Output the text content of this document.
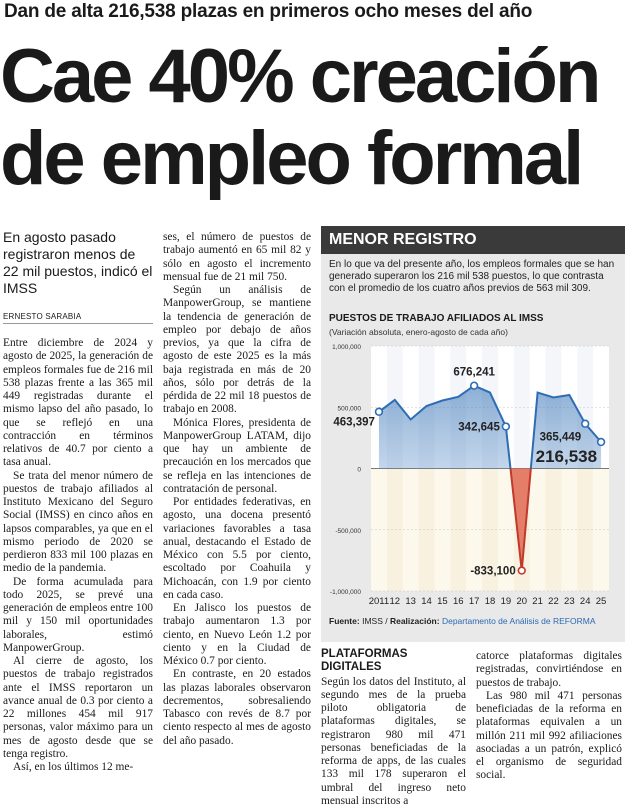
Dan de alta 216,538 plazas en primeros ocho meses del año
Cae 40% creación
de empleo formal
En agosto pasado registraron menos de 22 mil puestos, indicó el IMSS
ERNESTO SARABIA

Entre diciembre de 2024 y agosto de 2025, la generación de empleos formales fue de 216 mil 538 plazas frente a las 365 mil 449 registradas durante el mismo lapso del año pasado, lo que se reflejó en una contracción en términos relativos de 40.7 por ciento a tasa anual.

Se trata del menor número de puestos de trabajo afiliados al Instituto Mexicano del Seguro Social (IMSS) en cinco años en lapsos comparables, ya que en el mismo periodo de 2020 se perdieron 833 mil 100 plazas en medio de la pandemia.

De forma acumulada para todo 2025, se prevé una generación de empleos entre 100 mil y 150 mil oportunidades laborales, estimó ManpowerGroup.

Al cierre de agosto, los puestos de trabajo registrados ante el IMSS reportaron un avance anual de 0.3 por ciento a 22 millones 454 mil 917 personas, valor máximo para un mes de agosto desde que se tenga registro.

Así, en los últimos 12 me-

ses, el número de puestos de trabajo aumentó en 65 mil 82 y sólo en agosto el incremento mensual fue de 21 mil 750.

Según un análisis de ManpowerGroup, se mantiene la tendencia de generación de empleo por debajo de años previos, ya que la cifra de agosto de este 2025 es la más baja registrada en más de 20 años, sólo por detrás de la pérdida de 22 mil 18 puestos de trabajo en 2008.

Mónica Flores, presidenta de ManpowerGroup LATAM, dijo que hay un ambiente de precaución en los mercados que se refleja en las intenciones de contratación de personal.

Por entidades federativas, en agosto, una docena presentó variaciones favorables a tasa anual, destacando el Estado de México con 5.5 por ciento, escoltado por Coahuila y Michoacán, con 1.9 por ciento en cada caso.

En Jalisco los puestos de trabajo aumentaron 1.3 por ciento, en Nuevo León 1.2 por ciento y en la Ciudad de México 0.7 por ciento.

En contraste, en 20 estados las plazas laborales observaron decrementos, sobresaliendo Tabasco con revés de 8.7 por ciento respecto al mes de agosto del año pasado.

MENOR REGISTRO
En lo que va del presente año, los empleos formales que se han generado superaron los 216 mil 538 puestos, lo que contrasta con el promedio de los cuatro años previos de 563 mil 309.
PUESTOS DE TRABAJO AFILIADOS AL IMSS
(Variación absoluta, enero-agosto de cada año)
1,000,000
500,000
0
-500,000
-1,000,000
2011 12 13 14 15 16 17 18 19 20 21 22 23 24 25
463,397
676,241
342,645
-833,100
365,449
216,538
Fuente: IMSS / Realización: Departamento de Análisis de REFORMA
PLATAFORMAS DIGITALES

Según los datos del Instituto, al segundo mes de la prueba piloto obligatoria de plataformas digitales, se registraron 980 mil 471 personas beneficiadas de la reforma de apps, de las cuales 133 mil 178 superaron el umbral del ingreso neto mensual inscritos a

catorce plataformas digitales registradas, convirtiéndose en puestos de trabajo.

Las 980 mil 471 personas beneficiadas de la reforma en plataformas equivalen a un millón 211 mil 992 afiliaciones asociadas a un patrón, explicó el organismo de seguridad social.
